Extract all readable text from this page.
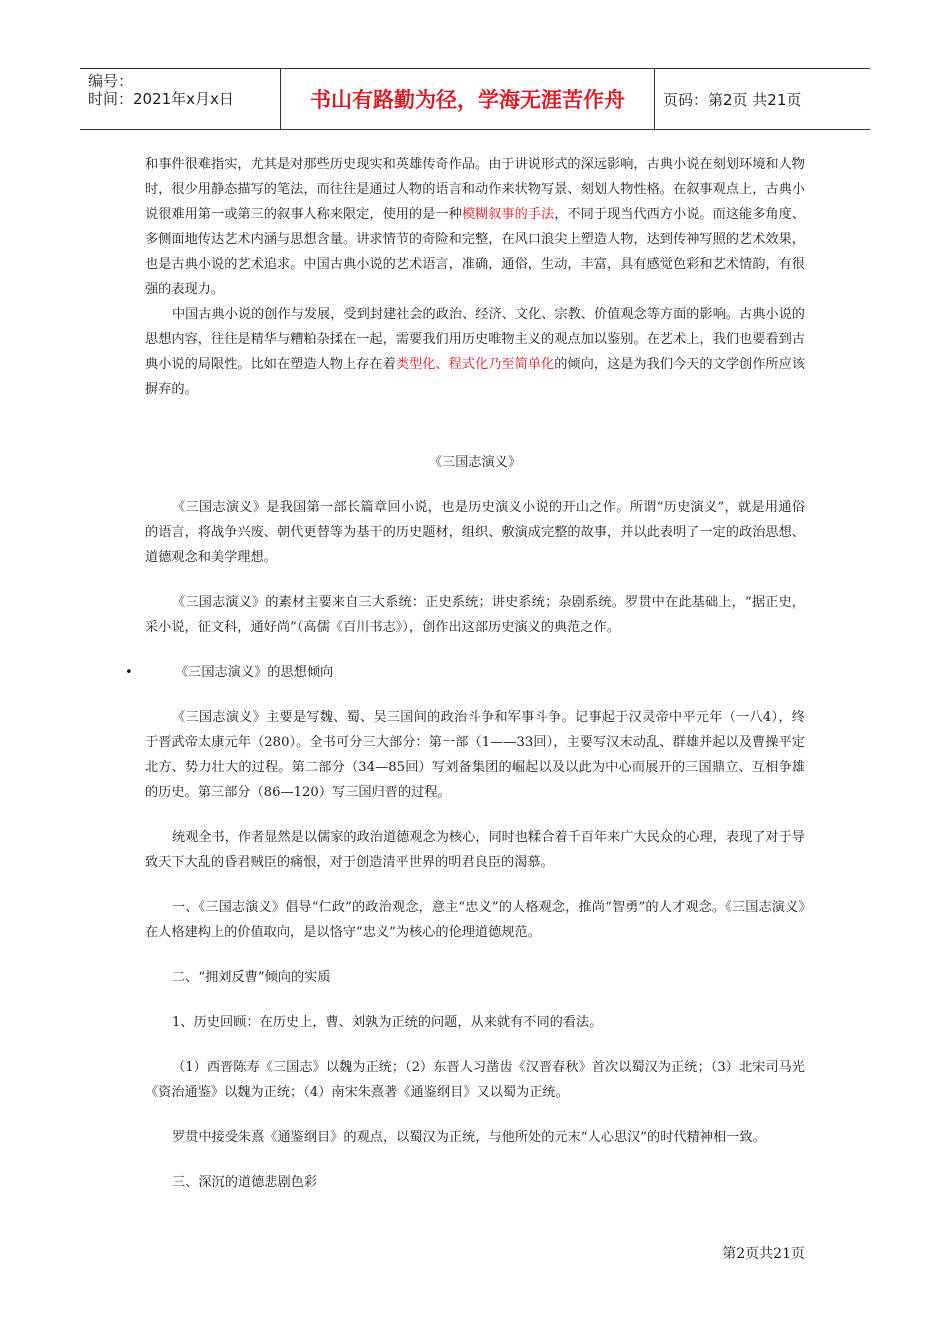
编号：
时间：2021年x月x日	书山有路勤为径，学海无涯苦作舟	页码：第2页 共21页

和事件很难指实，尤其是对那些历史现实和英雄传奇作品。由于讲说形式的深远影响，古典小说在刻划环境和人物时，很少用静态描写的笔法，而往往是通过人物的语言和动作来状物写景、刻划人物性格。在叙事观点上，古典小说很难用第一或第三的叙事人称来限定，使用的是一种模糊叙事的手法，不同于现当代西方小说。而这能多角度、多侧面地传达艺术内涵与思想含量。讲求情节的奇险和完整，在风口浪尖上塑造人物，达到传神写照的艺术效果，也是古典小说的艺术追求。中国古典小说的艺术语言，准确，通俗，生动，丰富，具有感觉色彩和艺术情韵，有很强的表现力。

中国古典小说的创作与发展，受到封建社会的政治、经济、文化、宗教、价值观念等方面的影响。古典小说的思想内容，往往是精华与糟粕杂揉在一起，需要我们用历史唯物主义的观点加以鉴别。在艺术上，我们也要看到古典小说的局限性。比如在塑造人物上存在着类型化、程式化乃至简单化的倾向，这是为我们今天的文学创作所应该摒弃的。

《三国志演义》

《三国志演义》是我国第一部长篇章回小说，也是历史演义小说的开山之作。所谓“历史演义”，就是用通俗的语言，将战争兴废、朝代更替等为基干的历史题材，组织、敷演成完整的故事，并以此表明了一定的政治思想、道德观念和美学理想。

《三国志演义》的素材主要来自三大系统：正史系统；讲史系统；杂剧系统。罗贯中在此基础上，“据正史，采小说，征文科，通好尚”（高儒《百川书志》），创作出这部历史演义的典范之作。

•	《三国志演义》的思想倾向

《三国志演义》主要是写魏、蜀、吴三国间的政治斗争和军事斗争。记事起于汉灵帝中平元年（一八4），终于晋武帝太康元年（280）。全书可分三大部分：第一部（1——33回），主要写汉末动乱、群雄并起以及曹操平定北方、势力壮大的过程。第二部分（34—85回）写刘备集团的崛起以及以此为中心而展开的三国鼎立、互相争雄的历史。第三部分（86—120）写三国归晋的过程。

统观全书，作者显然是以儒家的政治道德观念为核心，同时也糅合着千百年来广大民众的心理，表现了对于导致天下大乱的昏君贼臣的痛恨，对于创造清平世界的明君良臣的渴慕。

一、《三国志演义》倡导“仁政”的政治观念，意主“忠义”的人格观念，推尚“智勇”的人才观念。《三国志演义》在人格建构上的价值取向，是以恪守“忠义”为核心的伦理道德规范。

二、“拥刘反曹”倾向的实质

1、历史回顾：在历史上，曹、刘孰为正统的问题，从来就有不同的看法。

（1）西晋陈寿《三国志》以魏为正统；（2）东晋人习凿齿《汉晋春秋》首次以蜀汉为正统；（3）北宋司马光《资治通鉴》以魏为正统；（4）南宋朱熹著《通鉴纲目》又以蜀为正统。

罗贯中接受朱熹《通鉴纲目》的观点，以蜀汉为正统，与他所处的元末“人心思汉”的时代精神相一致。

三、深沉的道德悲剧色彩

第2页共21页
